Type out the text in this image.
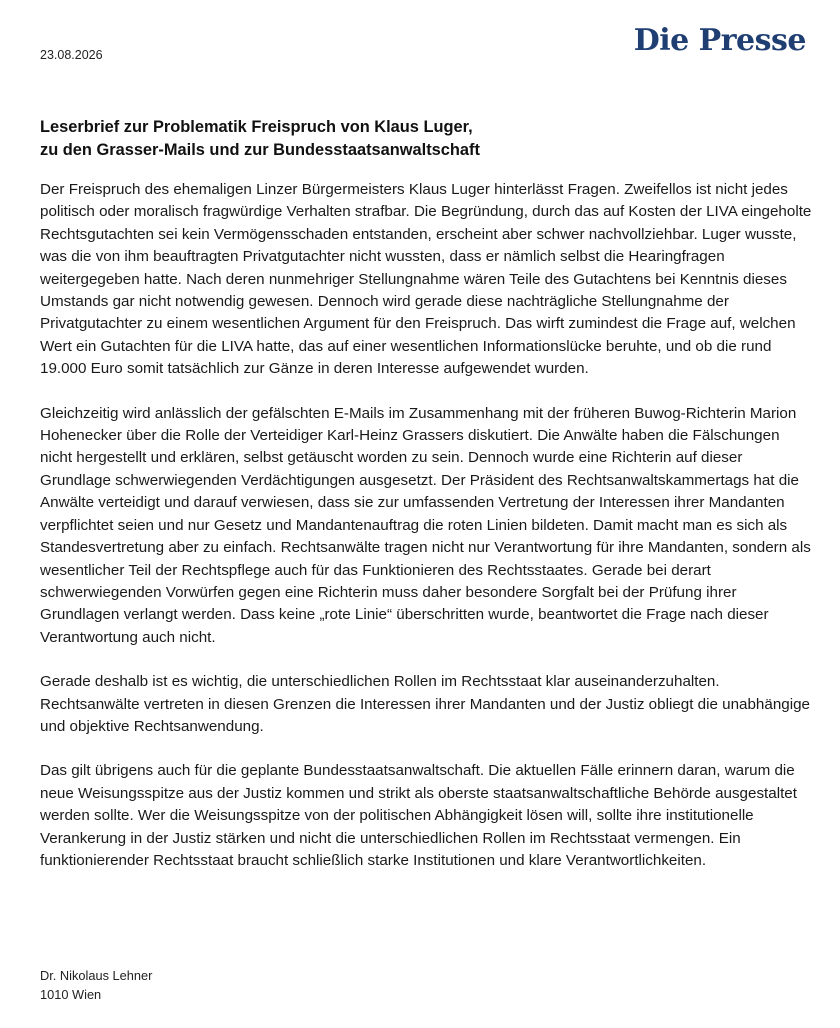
23.08.2026	Die Presse
Leserbrief zur Problematik Freispruch von Klaus Luger,
zu den Grasser-Mails und zur Bundesstaatsanwaltschaft

Der Freispruch des ehemaligen Linzer Bürgermeisters Klaus Luger hinterlässt Fragen. Zweifellos ist nicht jedes politisch oder moralisch fragwürdige Verhalten strafbar. Die Begründung, durch das auf Kosten der LIVA eingeholte Rechtsgutachten sei kein Vermögensschaden entstanden, erscheint aber schwer nachvollziehbar. Luger wusste, was die von ihm beauftragten Privatgutachter nicht wussten, dass er nämlich selbst die Hearingfragen weitergegeben hatte. Nach deren nunmehriger Stellungnahme wären Teile des Gutachtens bei Kenntnis dieses Umstands gar nicht notwendig gewesen. Dennoch wird gerade diese nachträgliche Stellungnahme der Privatgutachter zu einem wesentlichen Argument für den Freispruch. Das wirft zumindest die Frage auf, welchen Wert ein Gutachten für die LIVA hatte, das auf einer wesentlichen Informationslücke beruhte, und ob die rund 19.000 Euro somit tatsächlich zur Gänze in deren Interesse aufgewendet wurden.

Gleichzeitig wird anlässlich der gefälschten E-Mails im Zusammenhang mit der früheren Buwog-Richterin Marion Hohenecker über die Rolle der Verteidiger Karl-Heinz Grassers diskutiert. Die Anwälte haben die Fälschungen nicht hergestellt und erklären, selbst getäuscht worden zu sein. Dennoch wurde eine Richterin auf dieser Grundlage schwerwiegenden Verdächtigungen ausgesetzt. Der Präsident des Rechtsanwaltskammertags hat die Anwälte verteidigt und darauf verwiesen, dass sie zur umfassenden Vertretung der Interessen ihrer Mandanten verpflichtet seien und nur Gesetz und Mandantenauftrag die roten Linien bildeten. Damit macht man es sich als Standesvertretung aber zu einfach. Rechtsanwälte tragen nicht nur Verantwortung für ihre Mandanten, sondern als wesentlicher Teil der Rechtspflege auch für das Funktionieren des Rechtsstaates. Gerade bei derart schwerwiegenden Vorwürfen gegen eine Richterin muss daher besondere Sorgfalt bei der Prüfung ihrer Grundlagen verlangt werden. Dass keine „rote Linie“ überschritten wurde, beantwortet die Frage nach dieser Verantwortung auch nicht.

Gerade deshalb ist es wichtig, die unterschiedlichen Rollen im Rechtsstaat klar auseinanderzuhalten. Rechtsanwälte vertreten in diesen Grenzen die Interessen ihrer Mandanten und der Justiz obliegt die unabhängige und objektive Rechtsanwendung.

Das gilt übrigens auch für die geplante Bundesstaatsanwaltschaft. Die aktuellen Fälle erinnern daran, warum die neue Weisungsspitze aus der Justiz kommen und strikt als oberste staatsanwaltschaftliche Behörde ausgestaltet werden sollte. Wer die Weisungsspitze von der politischen Abhängigkeit lösen will, sollte ihre institutionelle Verankerung in der Justiz stärken und nicht die unterschiedlichen Rollen im Rechtsstaat vermengen. Ein funktionierender Rechtsstaat braucht schließlich starke Institutionen und klare Verantwortlichkeiten.

Dr. Nikolaus Lehner
1010 Wien
